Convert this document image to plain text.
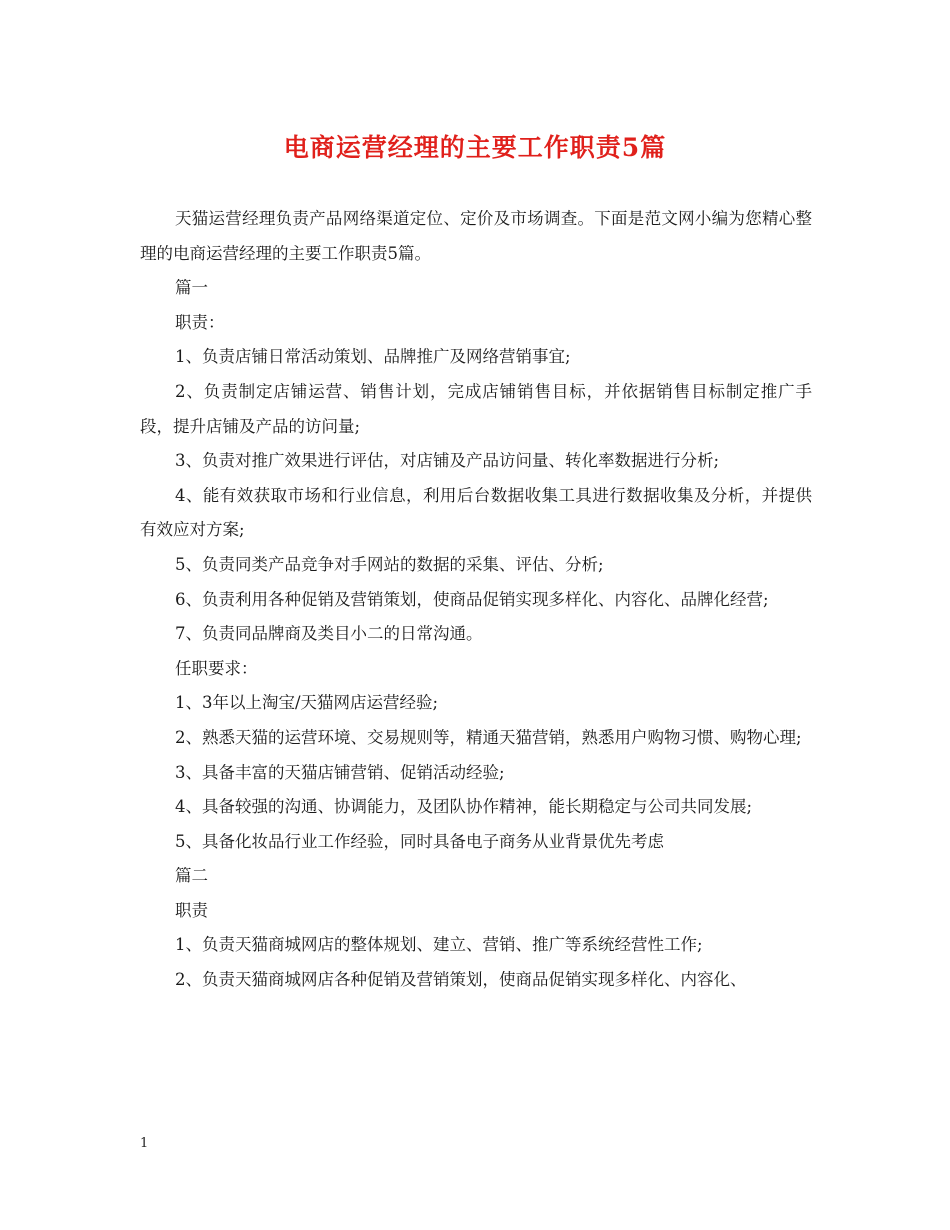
电商运营经理的主要工作职责5篇

天猫运营经理负责产品网络渠道定位、定价及市场调查。下面是范文网小编为您精心整理的电商运营经理的主要工作职责5篇。

篇一

职责：

1、负责店铺日常活动策划、品牌推广及网络营销事宜;

2、负责制定店铺运营、销售计划，完成店铺销售目标，并依据销售目标制定推广手段，提升店铺及产品的访问量;

3、负责对推广效果进行评估，对店铺及产品访问量、转化率数据进行分析;

4、能有效获取市场和行业信息，利用后台数据收集工具进行数据收集及分析，并提供有效应对方案;

5、负责同类产品竞争对手网站的数据的采集、评估、分析;

6、负责利用各种促销及营销策划，使商品促销实现多样化、内容化、品牌化经营;

7、负责同品牌商及类目小二的日常沟通。

任职要求：

1、3年以上淘宝/天猫网店运营经验;

2、熟悉天猫的运营环境、交易规则等，精通天猫营销，熟悉用户购物习惯、购物心理;

3、具备丰富的天猫店铺营销、促销活动经验;

4、具备较强的沟通、协调能力，及团队协作精神，能长期稳定与公司共同发展;

5、具备化妆品行业工作经验，同时具备电子商务从业背景优先考虑

篇二

职责

1、负责天猫商城网店的整体规划、建立、营销、推广等系统经营性工作;

2、负责天猫商城网店各种促销及营销策划，使商品促销实现多样化、内容化、

1
